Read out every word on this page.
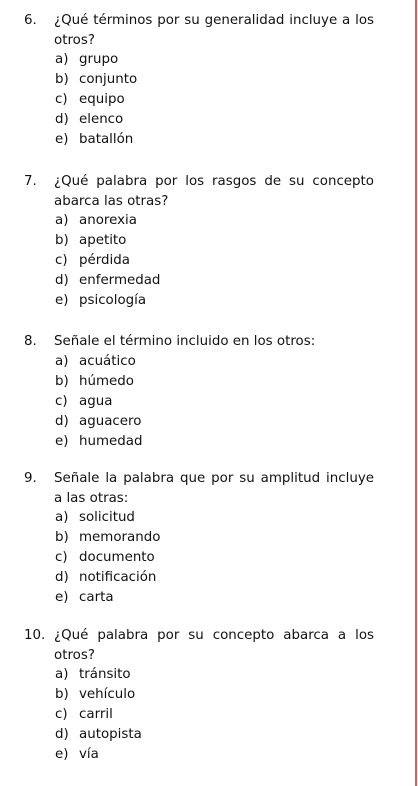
6.	¿Qué términos por su generalidad incluye a los otros?
a) grupo
b) conjunto
c) equipo
d) elenco
e) batallón
7.	¿Qué palabra por los rasgos de su concepto abarca las otras?
a) anorexia
b) apetito
c) pérdida
d) enfermedad
e) psicología
8.	Señale el término incluido en los otros:
a) acuático
b) húmedo
c) agua
d) aguacero
e) humedad
9.	Señale la palabra que por su amplitud incluye a las otras:
a) solicitud
b) memorando
c) documento
d) notificación
e) carta
10. ¿Qué palabra por su concepto abarca a los otros?
a) tránsito
b) vehículo
c) carril
d) autopista
e) vía
